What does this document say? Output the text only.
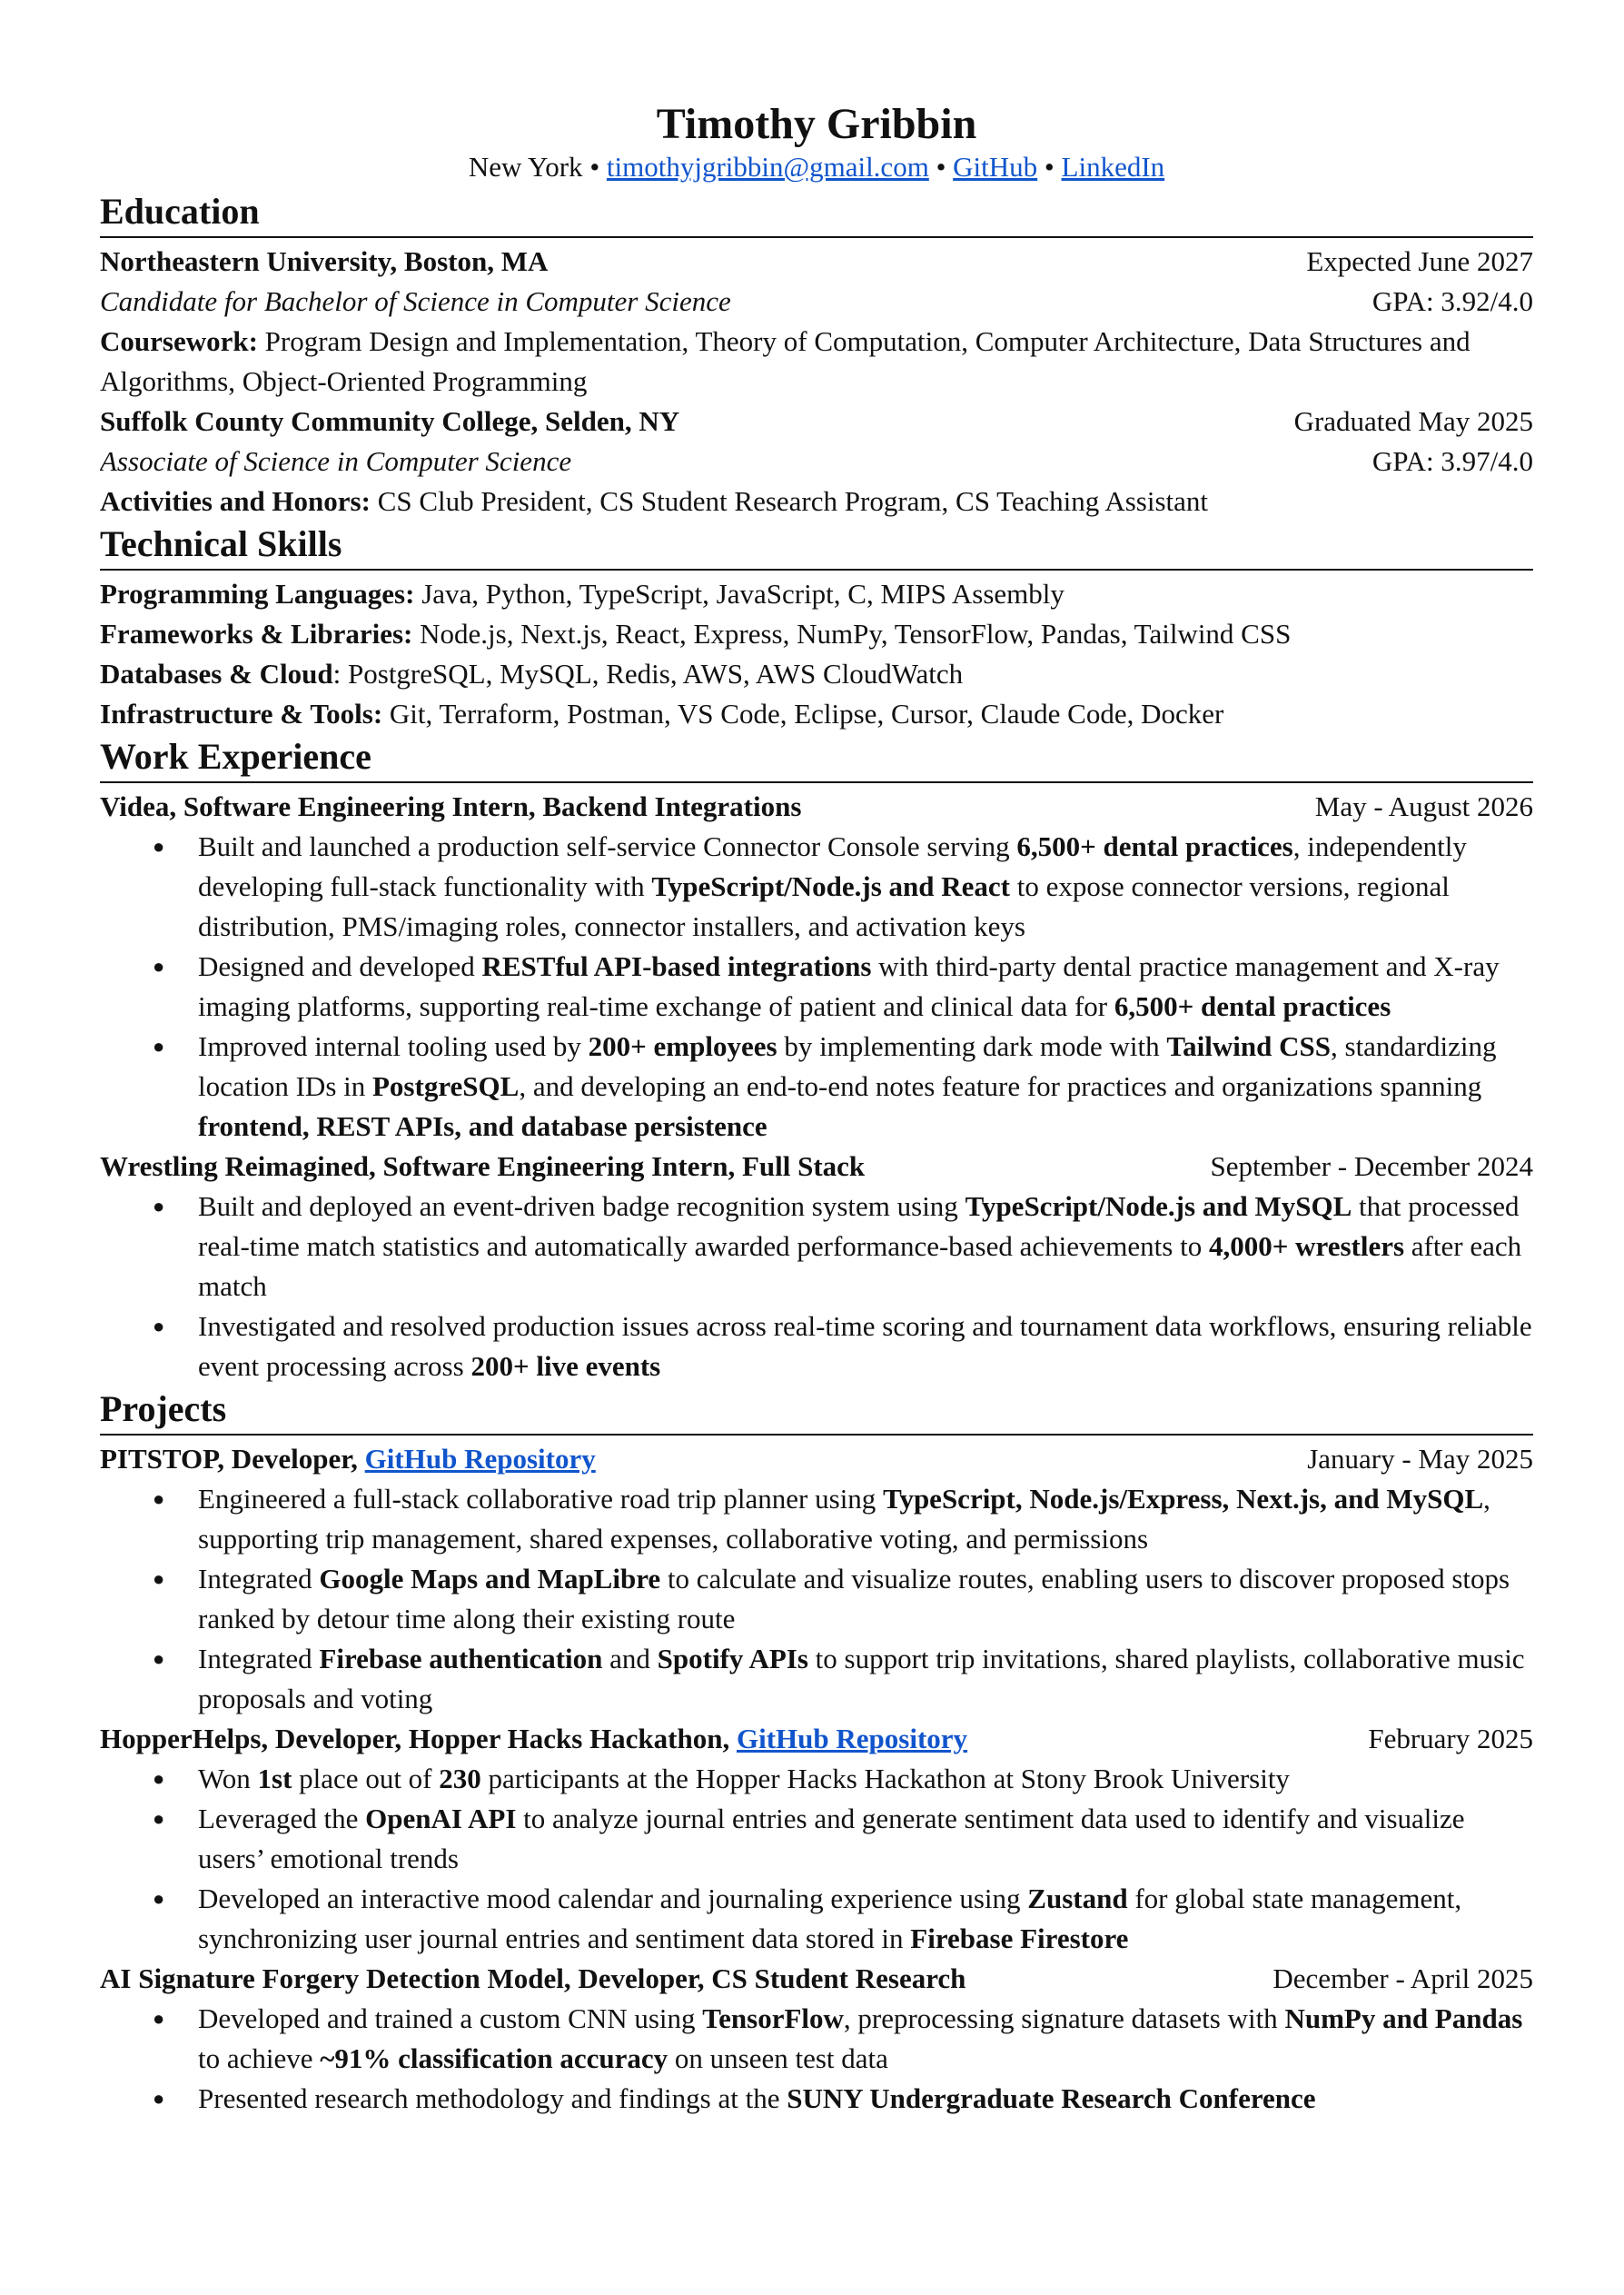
Timothy Gribbin
New York • timothyjgribbin@gmail.com • GitHub • LinkedIn
Education
Northeastern University, Boston, MA	Expected June 2027
Candidate for Bachelor of Science in Computer Science	GPA: 3.92/4.0
Coursework: Program Design and Implementation, Theory of Computation, Computer Architecture, Data Structures and Algorithms, Object-Oriented Programming
Suffolk County Community College, Selden, NY	Graduated May 2025
Associate of Science in Computer Science	GPA: 3.97/4.0
Activities and Honors: CS Club President, CS Student Research Program, CS Teaching Assistant
Technical Skills
Programming Languages: Java, Python, TypeScript, JavaScript, C, MIPS Assembly
Frameworks & Libraries: Node.js, Next.js, React, Express, NumPy, TensorFlow, Pandas, Tailwind CSS
Databases & Cloud: PostgreSQL, MySQL, Redis, AWS, AWS CloudWatch
Infrastructure & Tools: Git, Terraform, Postman, VS Code, Eclipse, Cursor, Claude Code, Docker
Work Experience
Videa, Software Engineering Intern, Backend Integrations	May - August 2026
● Built and launched a production self-service Connector Console serving 6,500+ dental practices, independently developing full-stack functionality with TypeScript/Node.js and React to expose connector versions, regional distribution, PMS/imaging roles, connector installers, and activation keys
● Designed and developed RESTful API-based integrations with third-party dental practice management and X-ray imaging platforms, supporting real-time exchange of patient and clinical data for 6,500+ dental practices
● Improved internal tooling used by 200+ employees by implementing dark mode with Tailwind CSS, standardizing location IDs in PostgreSQL, and developing an end-to-end notes feature for practices and organizations spanning frontend, REST APIs, and database persistence
Wrestling Reimagined, Software Engineering Intern, Full Stack	September - December 2024
● Built and deployed an event-driven badge recognition system using TypeScript/Node.js and MySQL that processed real-time match statistics and automatically awarded performance-based achievements to 4,000+ wrestlers after each match
● Investigated and resolved production issues across real-time scoring and tournament data workflows, ensuring reliable event processing across 200+ live events
Projects
PITSTOP, Developer, GitHub Repository	January - May 2025
● Engineered a full-stack collaborative road trip planner using TypeScript, Node.js/Express, Next.js, and MySQL, supporting trip management, shared expenses, collaborative voting, and permissions
● Integrated Google Maps and MapLibre to calculate and visualize routes, enabling users to discover proposed stops ranked by detour time along their existing route
● Integrated Firebase authentication and Spotify APIs to support trip invitations, shared playlists, collaborative music proposals and voting
HopperHelps, Developer, Hopper Hacks Hackathon, GitHub Repository	February 2025
● Won 1st place out of 230 participants at the Hopper Hacks Hackathon at Stony Brook University
● Leveraged the OpenAI API to analyze journal entries and generate sentiment data used to identify and visualize users’ emotional trends
● Developed an interactive mood calendar and journaling experience using Zustand for global state management, synchronizing user journal entries and sentiment data stored in Firebase Firestore
AI Signature Forgery Detection Model, Developer, CS Student Research	December - April 2025
● Developed and trained a custom CNN using TensorFlow, preprocessing signature datasets with NumPy and Pandas to achieve ~91% classification accuracy on unseen test data
● Presented research methodology and findings at the SUNY Undergraduate Research Conference
